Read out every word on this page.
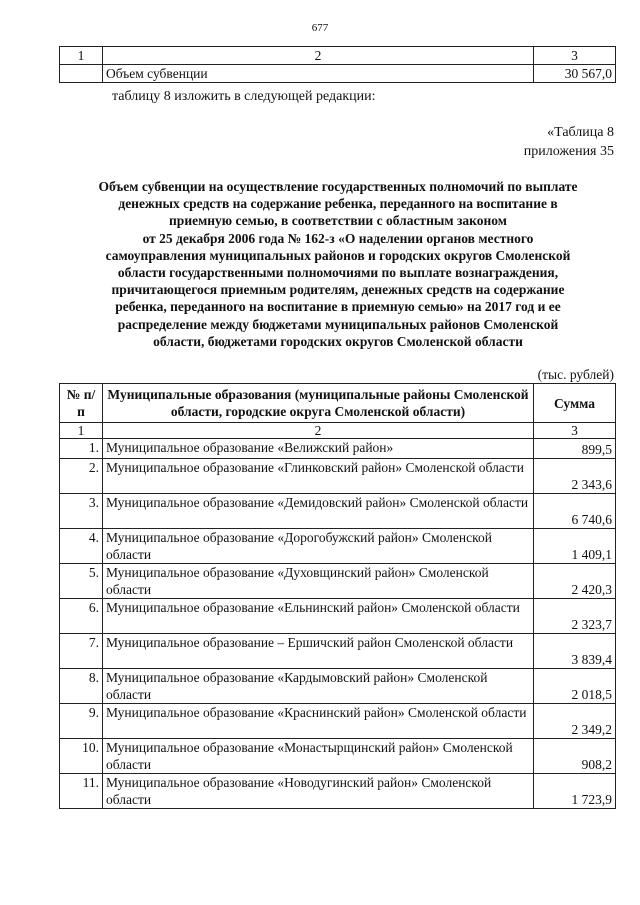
677
1	2	3
	Объем субвенции	30 567,0
таблицу 8 изложить в следующей редакции:
«Таблица 8
приложения 35
Объем субвенции на осуществление государственных полномочий по выплате
денежных средств на содержание ребенка, переданного на воспитание в
приемную семью, в соответствии с областным законом
от 25 декабря 2006 года № 162-з «О наделении органов местного
самоуправления муниципальных районов и городских округов Смоленской
области государственными полномочиями по выплате вознаграждения,
причитающегося приемным родителям, денежных средств на содержание
ребенка, переданного на воспитание в приемную семью» на 2017 год и ее
распределение между бюджетами муниципальных районов Смоленской
области, бюджетами городских округов Смоленской области
(тыс. рублей)
№ п/п	Муниципальные образования (муниципальные районы Смоленской области, городские округа Смоленской области)	Сумма
1	2	3
1.	Муниципальное образование «Велижский район»	899,5
2.	Муниципальное образование «Глинковский район» Смоленской области	2 343,6
3.	Муниципальное образование «Демидовский район» Смоленской области	6 740,6
4.	Муниципальное образование «Дорогобужский район» Смоленской области	1 409,1
5.	Муниципальное образование «Духовщинский район» Смоленской области	2 420,3
6.	Муниципальное образование «Ельнинский район» Смоленской области	2 323,7
7.	Муниципальное образование – Ершичский район Смоленской области	3 839,4
8.	Муниципальное образование «Кардымовский район» Смоленской области	2 018,5
9.	Муниципальное образование «Краснинский район» Смоленской области	2 349,2
10.	Муниципальное образование «Монастырщинский район» Смоленской области	908,2
11.	Муниципальное образование «Новодугинский район» Смоленской области	1 723,9
